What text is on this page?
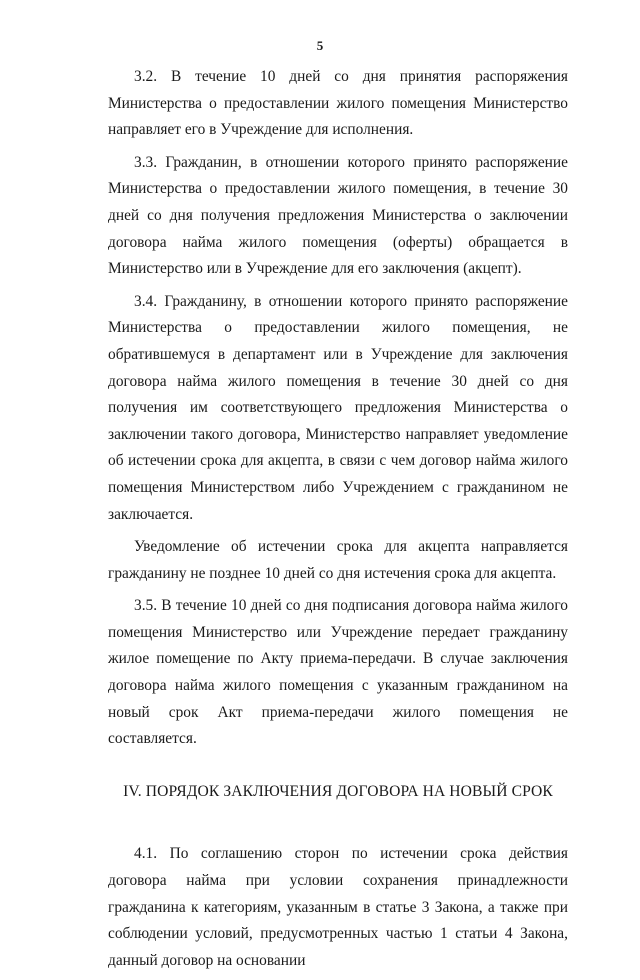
5

3.2. В течение 10 дней со дня принятия распоряжения Министерства о предоставлении жилого помещения Министерство направляет его в Учреждение для исполнения.

3.3. Гражданин, в отношении которого принято распоряжение Министерства о предоставлении жилого помещения, в течение 30 дней со дня получения предложения Министерства о заключении договора найма жилого помещения (оферты) обращается в Министерство или в Учреждение для его заключения (акцепт).

3.4. Гражданину, в отношении которого принято распоряжение Министерства о предоставлении жилого помещения, не обратившемуся в департамент или в Учреждение для заключения договора найма жилого помещения в течение 30 дней со дня получения им соответствующего предложения Министерства о заключении такого договора, Министерство направляет уведомление об истечении срока для акцепта, в связи с чем договор найма жилого помещения Министерством либо Учреждением с гражданином не заключается.

Уведомление об истечении срока для акцепта направляется гражданину не позднее 10 дней со дня истечения срока для акцепта.

3.5. В течение 10 дней со дня подписания договора найма жилого помещения Министерство или Учреждение передает гражданину жилое помещение по Акту приема-передачи. В случае заключения договора найма жилого помещения с указанным гражданином на новый срок Акт приема-передачи жилого помещения не составляется.

IV. ПОРЯДОК ЗАКЛЮЧЕНИЯ ДОГОВОРА НА НОВЫЙ СРОК

4.1. По соглашению сторон по истечении срока действия договора найма при условии сохранения принадлежности гражданина к категориям, указанным в статье 3 Закона, а также при соблюдении условий, предусмотренных частью 1 статьи 4 Закона, данный договор на основании
